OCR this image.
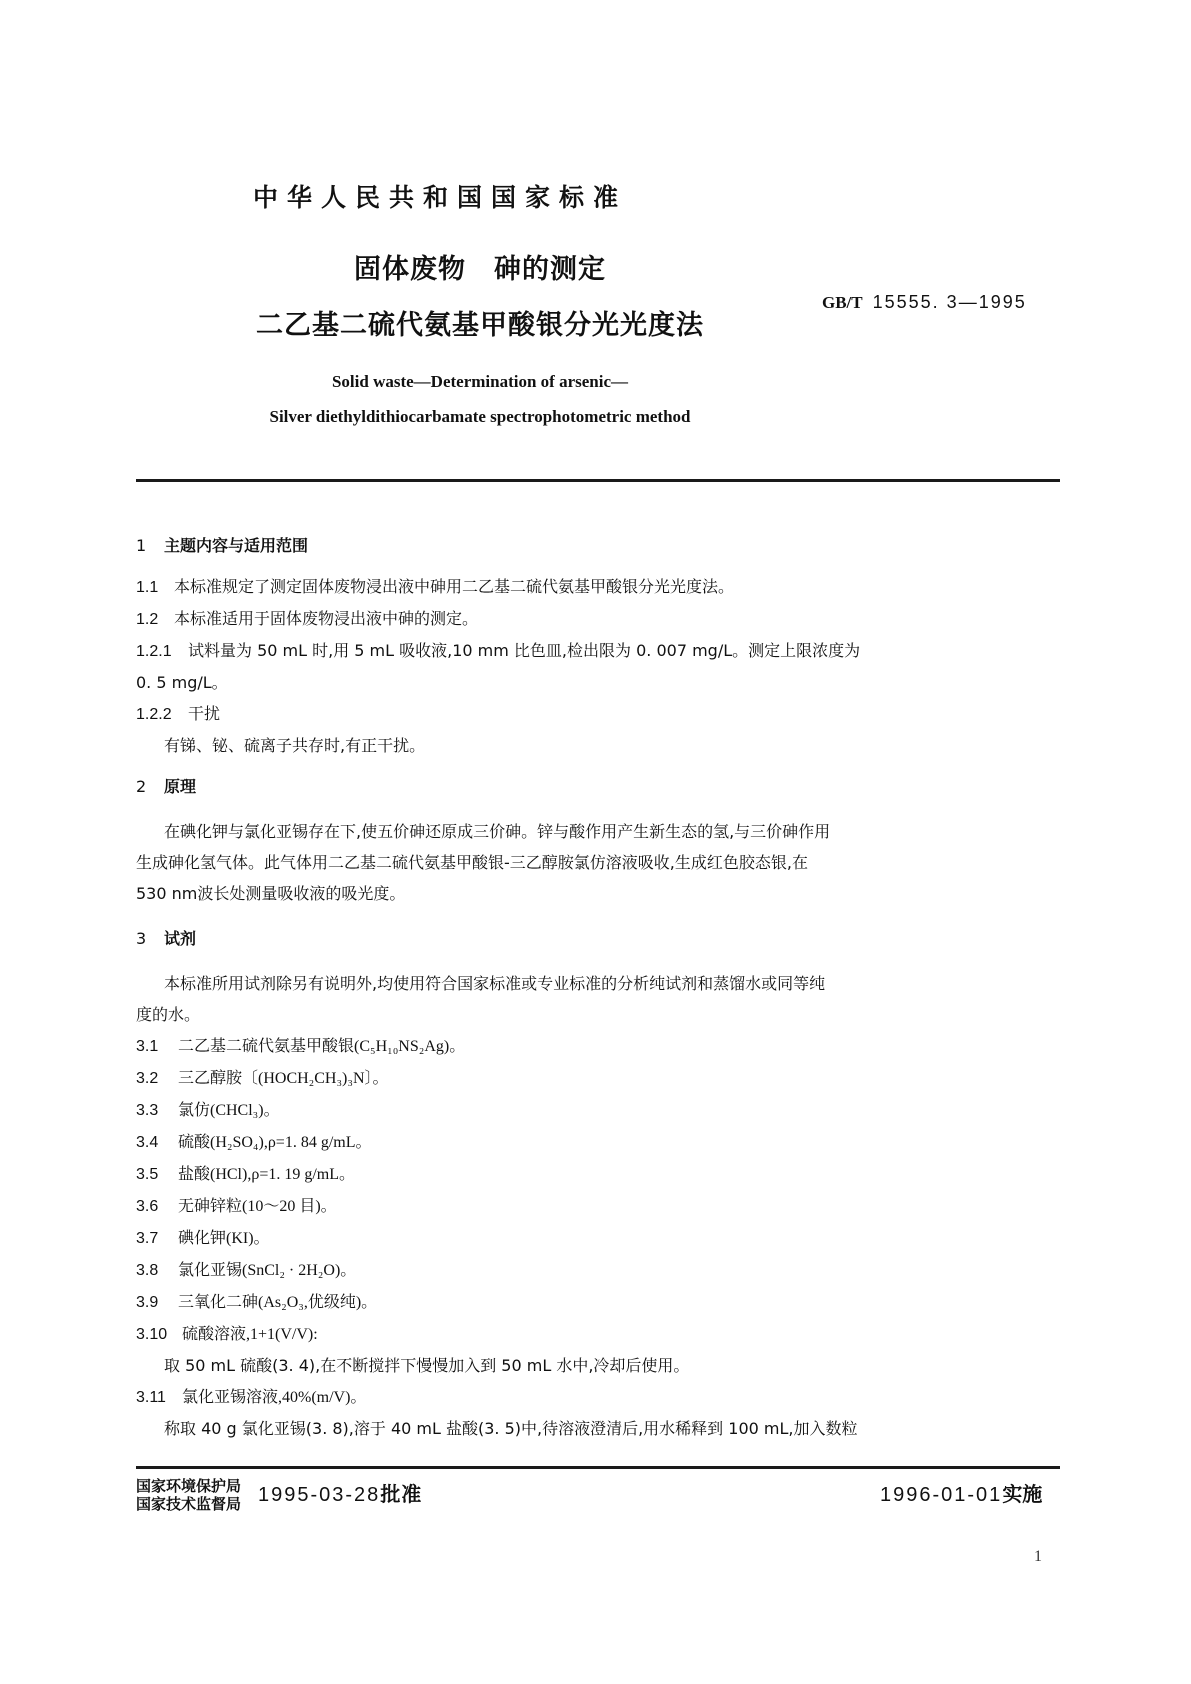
中华人民共和国国家标准
固体废物　砷的测定
二乙基二硫代氨基甲酸银分光光度法
GB/T 15555. 3—1995
Solid waste—Determination of arsenic—
Silver diethyldithiocarbamate spectrophotometric method

1 主题内容与适用范围

1.1 本标准规定了测定固体废物浸出液中砷用二乙基二硫代氨基甲酸银分光光度法。

1.2 本标准适用于固体废物浸出液中砷的测定。

1.2.1 试料量为 50 mL 时,用 5 mL 吸收液,10 mm 比色皿,检出限为 0. 007 mg/L。测定上限浓度为

0. 5 mg/L。

1.2.2 干扰

有锑、铋、硫离子共存时,有正干扰。

2 原理

在碘化钾与氯化亚锡存在下,使五价砷还原成三价砷。锌与酸作用产生新生态的氢,与三价砷作用

生成砷化氢气体。此气体用二乙基二硫代氨基甲酸银-三乙醇胺氯仿溶液吸收,生成红色胶态银,在

530 nm波长处测量吸收液的吸光度。

3 试剂

本标准所用试剂除另有说明外,均使用符合国家标准或专业标准的分析纯试剂和蒸馏水或同等纯

度的水。

3.1 二乙基二硫代氨基甲酸银(C₅H₁₀NS₂Ag)。

3.2 三乙醇胺〔(HOCH₂CH₃)₃N〕。

3.3 氯仿(CHCl₃)。

3.4 硫酸(H₂SO₄),ρ=1. 84 g/mL。

3.5 盐酸(HCl),ρ=1. 19 g/mL。

3.6 无砷锌粒(10～20 目)。

3.7 碘化钾(KI)。

3.8 氯化亚锡(SnCl₂ · 2H₂O)。

3.9 三氧化二砷(As₂O₃,优级纯)。

3.10 硫酸溶液,1+1(V/V):

取 50 mL 硫酸(3. 4),在不断搅拌下慢慢加入到 50 mL 水中,冷却后使用。

3.11 氯化亚锡溶液,40%(m/V)。

称取 40 g 氯化亚锡(3. 8),溶于 40 mL 盐酸(3. 5)中,待溶液澄清后,用水稀释到 100 mL,加入数粒

国家环境保护局
国家技术监督局 1995-03-28批准	1996-01-01实施
1
